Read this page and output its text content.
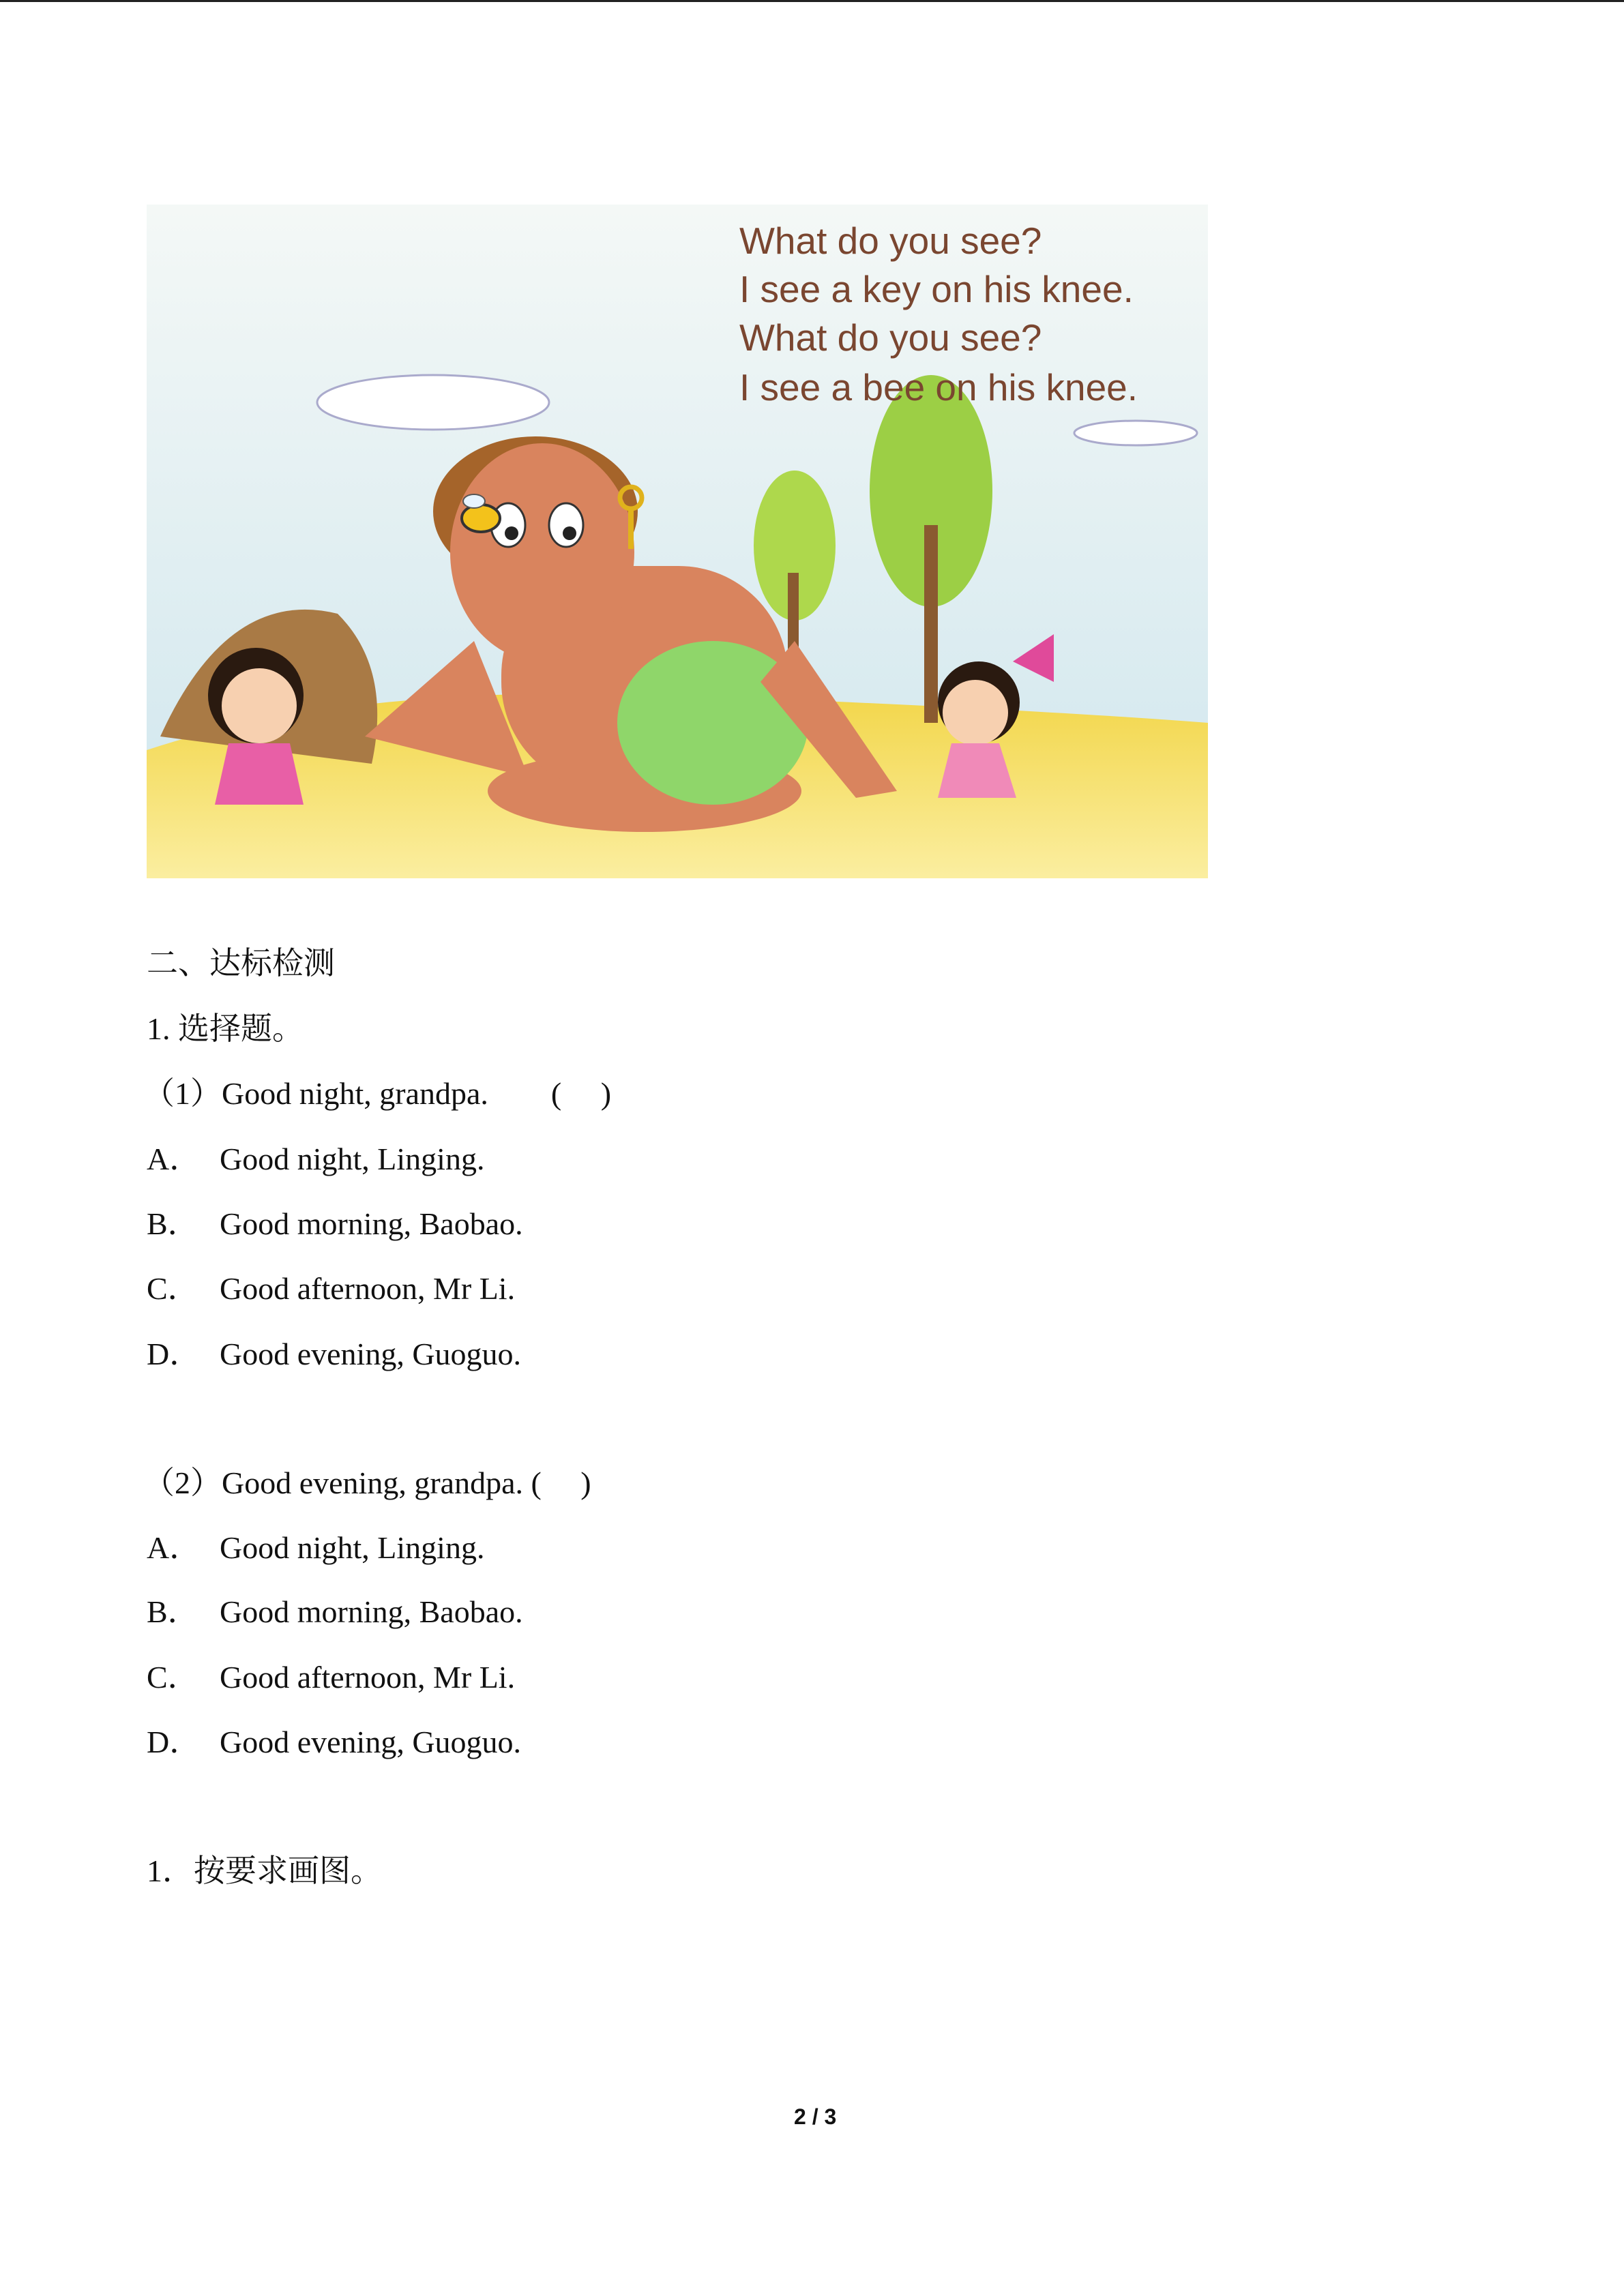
What do you see?
I see a key on his knee.
What do you see?
I see a bee on his knee.
二、达标检测
1. 选择题。
（1）Good night, grandpa.　　(　 )
A． Good night, Linging.
B． Good morning, Baobao.
C． Good afternoon, Mr Li.
D． Good evening, Guoguo.
（2）Good evening, grandpa. (　 )
A． Good night, Linging.
B． Good morning, Baobao.
C． Good afternoon, Mr Li.
D． Good evening, Guoguo.
1．按要求画图。
2 / 3
